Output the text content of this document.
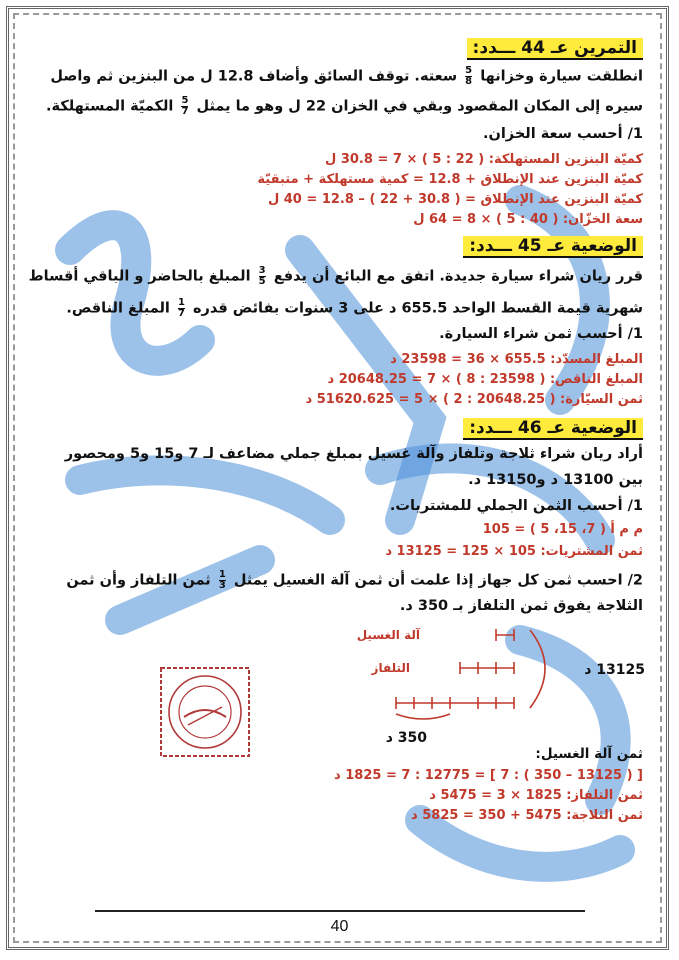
التمرين عـ 44 ـــدد:
انطلقت سيارة وخزانها
$\frac{5}{8}$
سعته. توقف السائق وأضاف 12.8 ل من البنزين ثم واصل
سيره إلى المكان المقصود وبقي في الخزان 22 ل وهو ما يمثل
$\frac{5}{7}$
الكميّة المستهلكة.
1/ أحسب سعة الخزان.
كميّة البنزين المستهلكة: ( 22 : 5 ) × 7 = 30.8 ل
كميّة البنزين عند الإنطلاق + 12.8 = كمية مستهلكة + متبقيّة
كميّة البنزين عند الإنطلاق = ( 30.8 + 22 ) – 12.8 = 40 ل
سعة الخزّان: ( 40 : 5 ) × 8 = 64 ل
الوضعية عـ 45 ـــدد:
قرر ريان شراء سيارة جديدة. اتفق مع البائع أن يدفع
$\frac{3}{5}$
المبلغ بالحاضر و الباقي أقساط
شهرية قيمة القسط الواحد 655.5 د على 3 سنوات بفائض قدره
$\frac{1}{7}$
المبلغ الناقص.
1/ أحسب ثمن شراء السيارة.
المبلغ المسدّد: 655.5 × 36 = 23598 د
المبلغ الناقص: ( 23598 : 8 ) × 7 = 20648.25 د
ثمن السيّارة: ( 20648.25 : 2 ) × 5 = 51620.625 د
الوضعية عـ 46 ـــدد:
أراد ريان شراء ثلاجة وتلفاز وآلة غسيل بمبلغ جملي مضاعف لـ 7 و15 و5 ومحصور
بين 13100 د و13150 د.
1/ أحسب الثمن الجملي للمشتريات.
م م أ ( 7، 15، 5 ) = 105
ثمن المشتريات: 105 × 125 = 13125 د
2/ احسب ثمن كل جهاز إذا علمت أن ثمن آلة الغسيل يمثل
$\frac{1}{3}$
ثمن التلفاز وأن ثمن
الثلاجة يفوق ثمن التلفاز بـ 350 د.
آلة الغسيل
التلفاز	13125 د
350 د
ثمن آلة الغسيل:
[ ( 13125 – 350 ) : 7 ] = 12775 : 7 = 1825 د
ثمن التلفاز: 1825 × 3 = 5475 د
ثمن الثلاجة: 5475 + 350 = 5825 د
40
